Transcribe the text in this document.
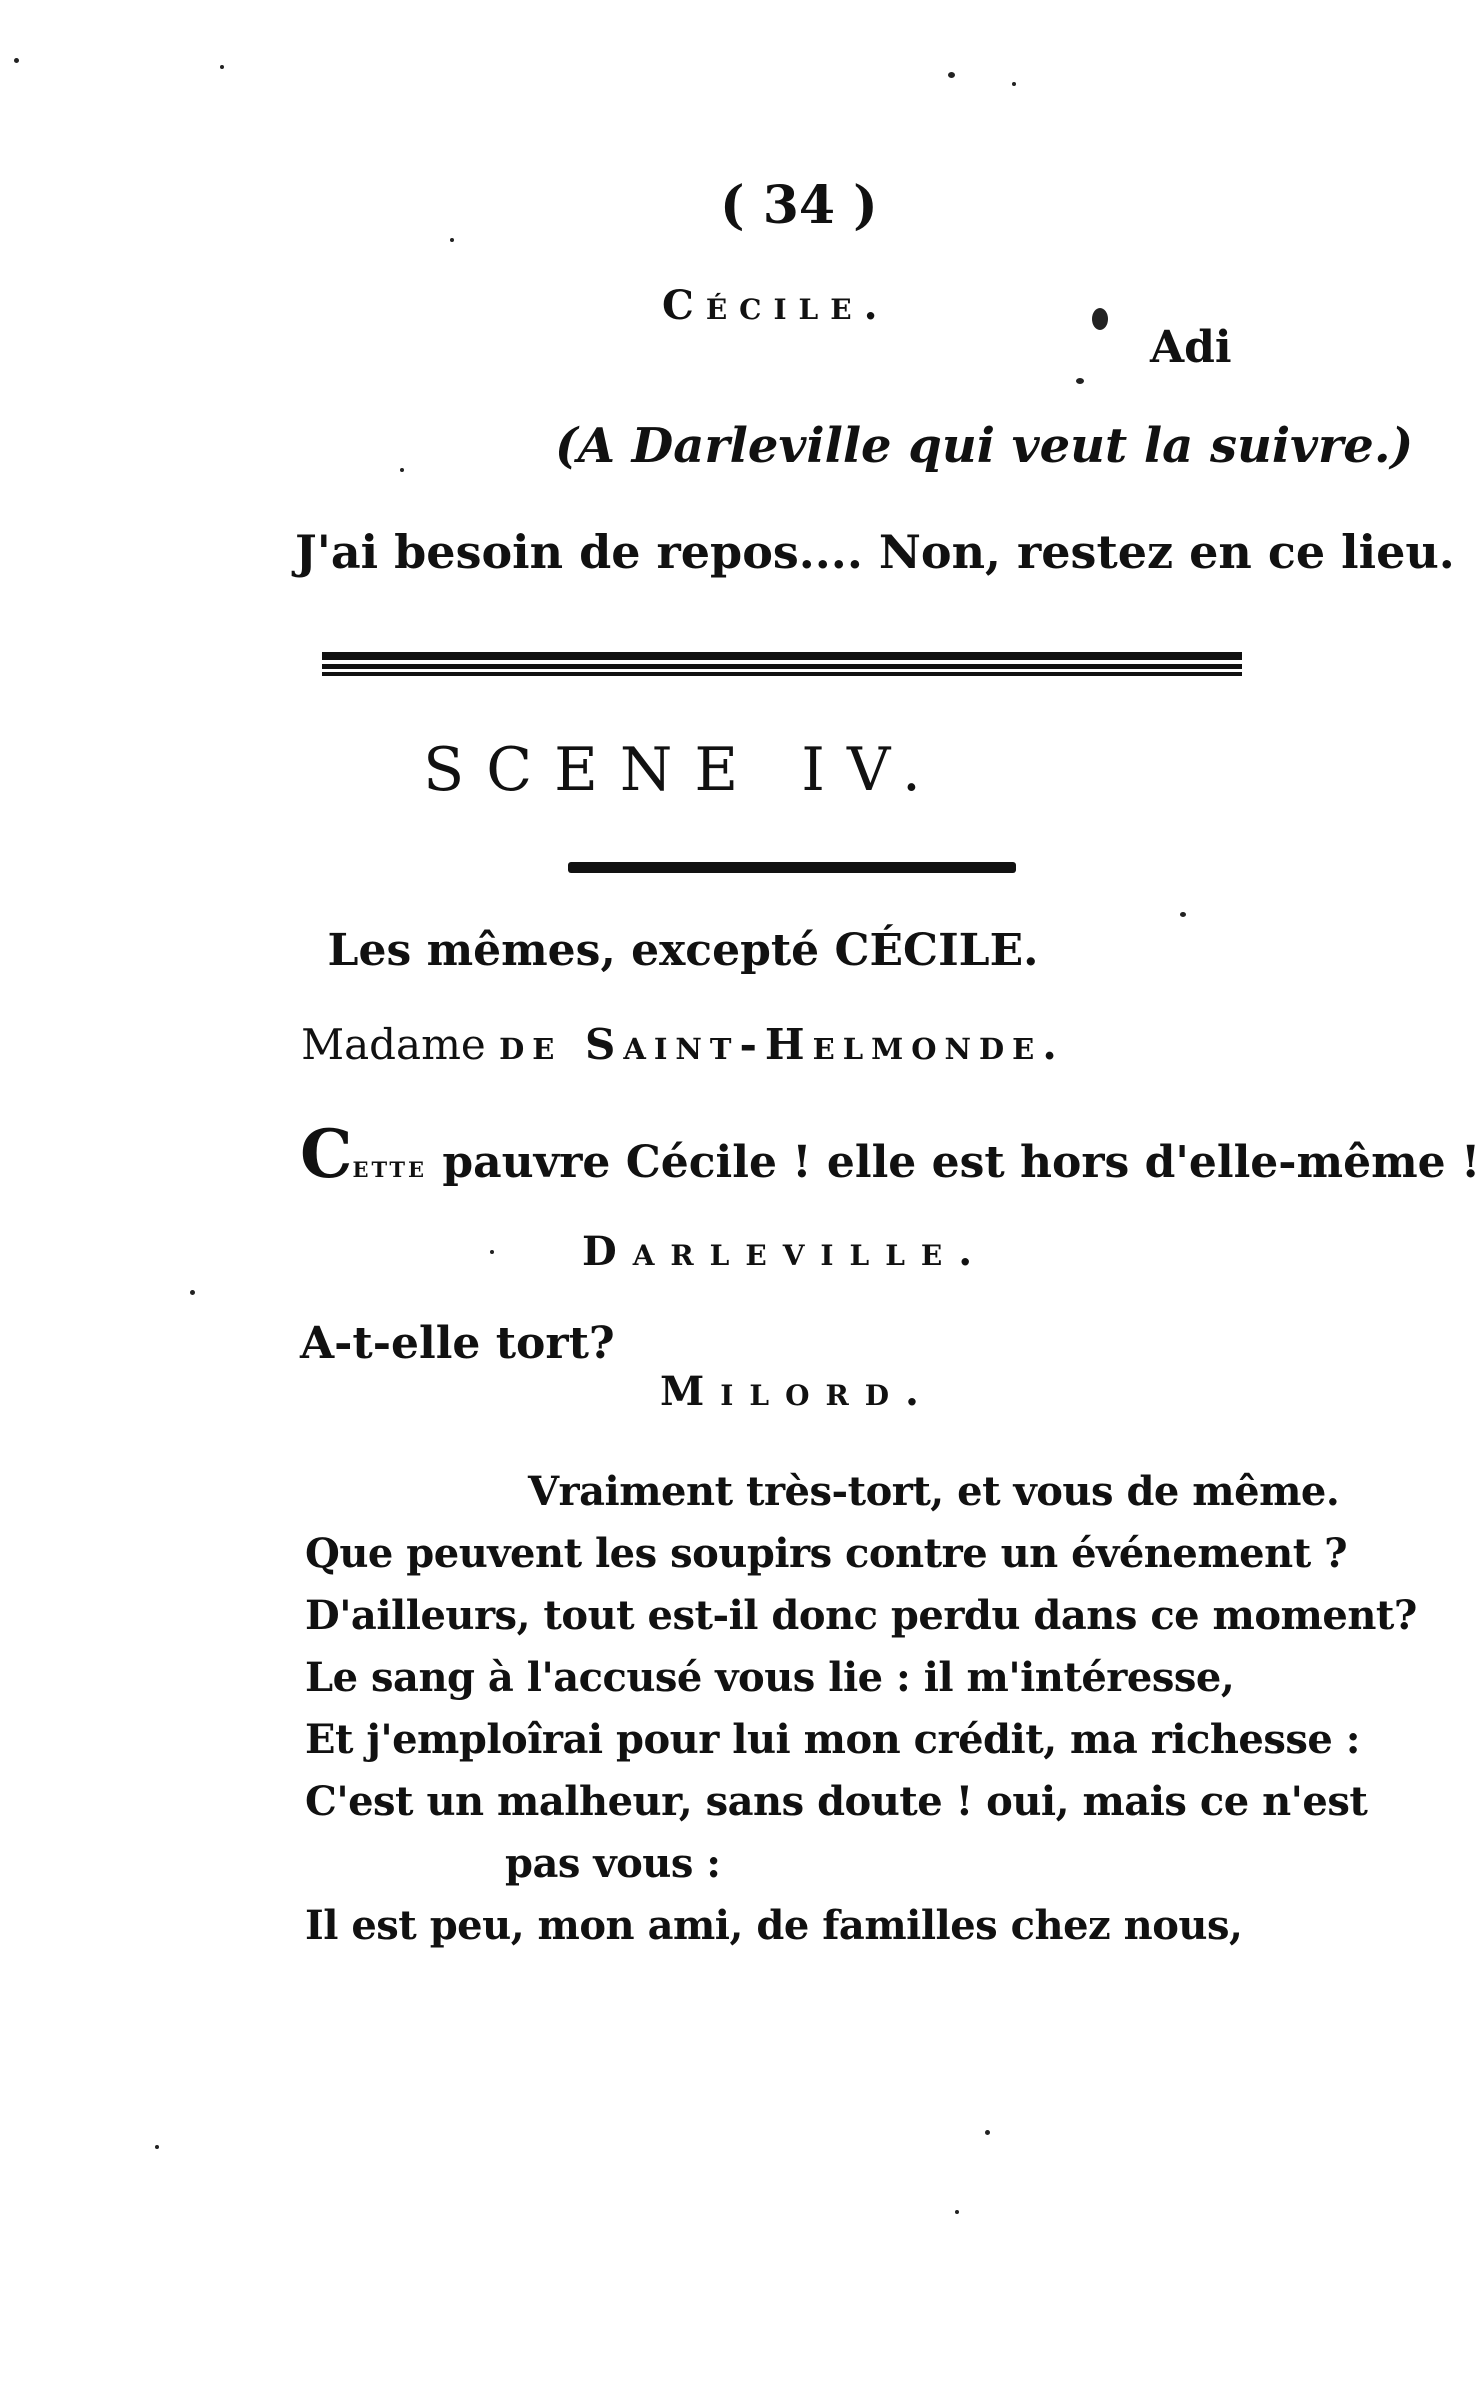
( 34 )
Cécile.
Adi
(A Darleville qui veut la suivre.)
J'ai besoin de repos.... Non, restez en ce lieu.
SCENE IV.
Les mêmes, excepté CÉCILE.
Madame de Saint-Helmonde.
Cette pauvre Cécile ! elle est hors d'elle-même !
Darleville.
A-t-elle tort?
Milord.
Vraiment très-tort, et vous de même.
Que peuvent les soupirs contre un événement ?
D'ailleurs, tout est-il donc perdu dans ce moment?
Le sang à l'accusé vous lie : il m'intéresse,
Et j'emploîrai pour lui mon crédit, ma richesse :
C'est un malheur, sans doute ! oui, mais ce n'est
pas vous :
Il est peu, mon ami, de familles chez nous,
